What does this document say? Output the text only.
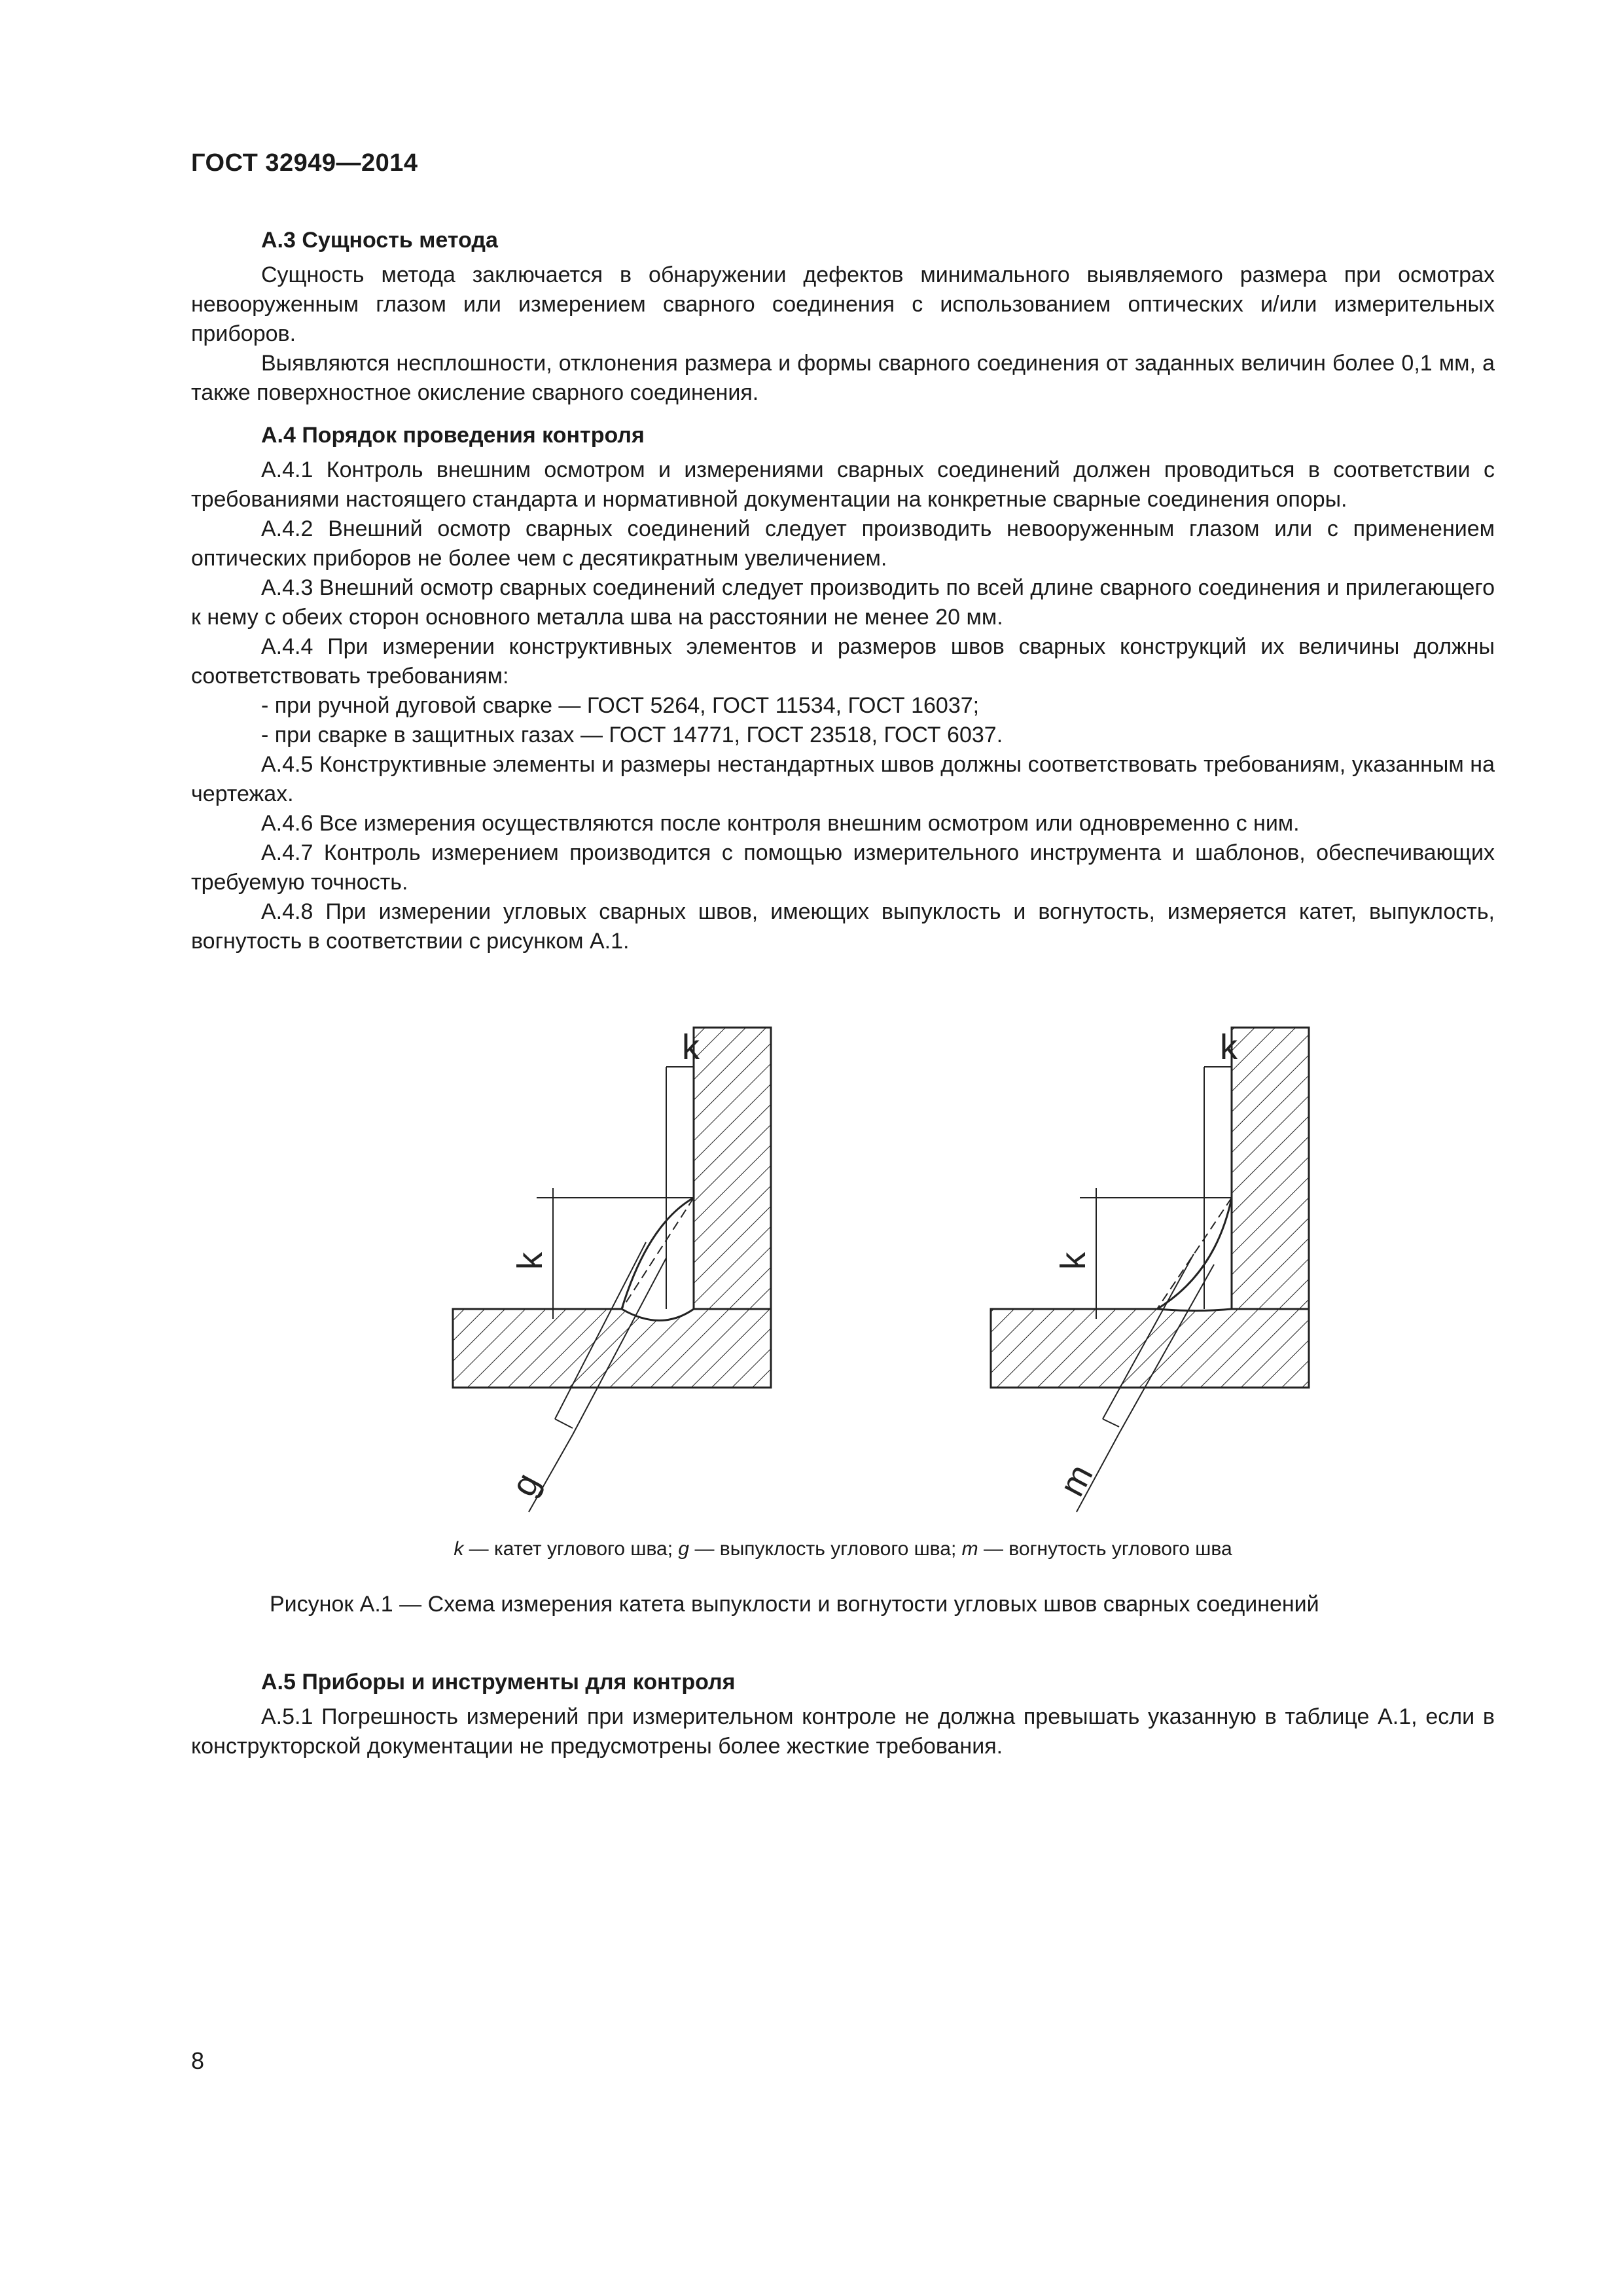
ГОСТ 32949—2014
А.3 Сущность метода
Сущность метода заключается в обнаружении дефектов минимального выявляемого размера при осмотрах невооруженным глазом или измерением сварного соединения с использованием оптических и/или измерительных приборов.
Выявляются несплошности, отклонения размера и формы сварного соединения от заданных величин более 0,1 мм, а также поверхностное окисление сварного соединения.
А.4 Порядок проведения контроля
А.4.1 Контроль внешним осмотром и измерениями сварных соединений должен проводиться в соответствии с требованиями настоящего стандарта и нормативной документации на конкретные сварные соединения опоры.
А.4.2 Внешний осмотр сварных соединений следует производить невооруженным глазом или с применением оптических приборов не более чем с десятикратным увеличением.
А.4.3 Внешний осмотр сварных соединений следует производить по всей длине сварного соединения и прилегающего к нему с обеих сторон основного металла шва на расстоянии не менее 20 мм.
А.4.4 При измерении конструктивных элементов и размеров швов сварных конструкций их величины должны соответствовать требованиям:
- при ручной дуговой сварке — ГОСТ 5264, ГОСТ 11534, ГОСТ 16037;
- при сварке в защитных газах — ГОСТ 14771, ГОСТ 23518, ГОСТ 6037.
А.4.5 Конструктивные элементы и размеры нестандартных швов должны соответствовать требованиям, указанным на чертежах.
А.4.6 Все измерения осуществляются после контроля внешним осмотром или одновременно с ним.
А.4.7 Контроль измерением производится с помощью измерительного инструмента и шаблонов, обеспечивающих требуемую точность.
А.4.8 При измерении угловых сварных швов, имеющих выпуклость и вогнутость, измеряется катет, выпуклость, вогнутость в соответствии с рисунком А.1.
k
k
g
k
k
m
k — катет углового шва; g — выпуклость углового шва; m — вогнутость углового шва
Рисунок А.1 — Схема измерения катета выпуклости и вогнутости угловых швов сварных соединений
А.5 Приборы и инструменты для контроля
А.5.1 Погрешность измерений при измерительном контроле не должна превышать указанную в таблице А.1, если в конструкторской документации не предусмотрены более жесткие требования.
8
